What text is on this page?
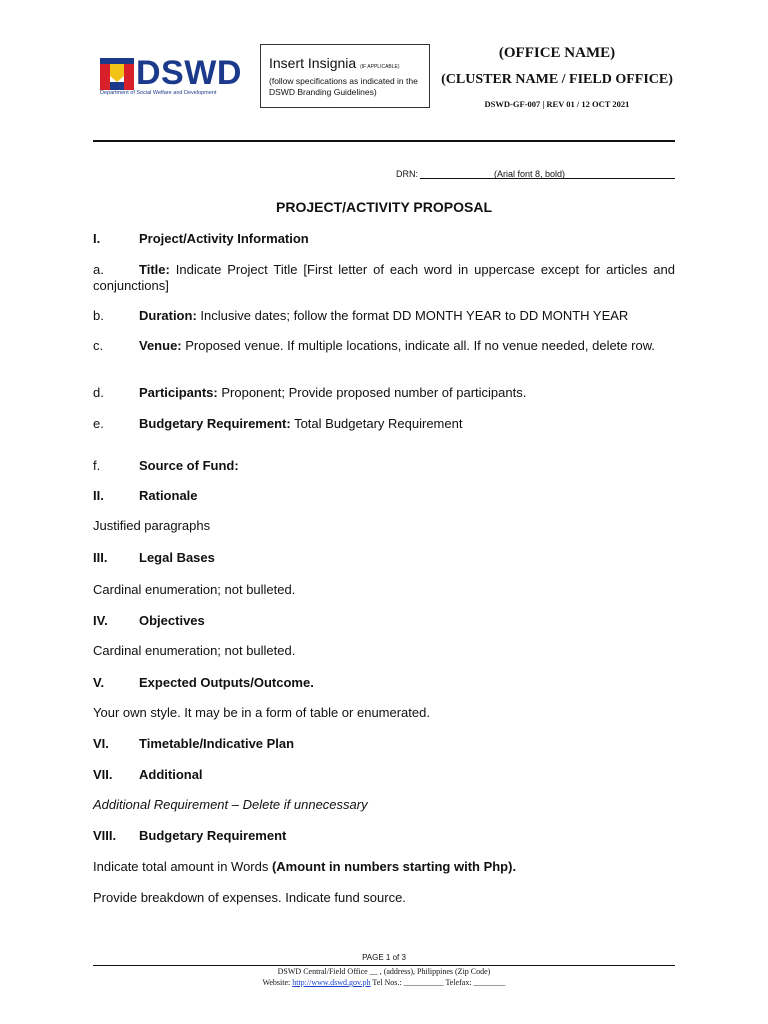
DSWD
Department of Social Welfare and Development
Insert Insignia (IF APPLICABLE)
(follow specifications as indicated in the DSWD Branding Guidelines)
(OFFICE NAME)
(CLUSTER NAME / FIELD OFFICE)
DSWD-GF-007 | REV 01 / 12 OCT 2021
DRN:	(Arial font 8, bold)
PROJECT/ACTIVITY PROPOSAL
I.	Project/Activity Information
a.	Title: Indicate Project Title [First letter of each word in uppercase except for articles and conjunctions]
b.	Duration: Inclusive dates; follow the format DD MONTH YEAR to DD MONTH YEAR
c.	Venue: Proposed venue. If multiple locations, indicate all. If no venue needed, delete row.
d.	Participants: Proponent; Provide proposed number of participants.
e.	Budgetary Requirement: Total Budgetary Requirement
f.	Source of Fund:
II.	Rationale
Justified paragraphs
III. Legal Bases
Cardinal enumeration; not bulleted.
IV. Objectives
Cardinal enumeration; not bulleted.
V.	Expected Outputs/Outcome.
Your own style. It may be in a form of table or enumerated.
VI. Timetable/Indicative Plan
VII. Additional
Additional Requirement – Delete if unnecessary
VIII. Budgetary Requirement
Indicate total amount in Words (Amount in numbers starting with Php).
Provide breakdown of expenses. Indicate fund source.
PAGE 1 of 3
DSWD Central/Field Office __ , (address), Philippines (Zip Code)
Website: http://www.dswd.gov.ph Tel Nos.: __________ Telefax: ________
